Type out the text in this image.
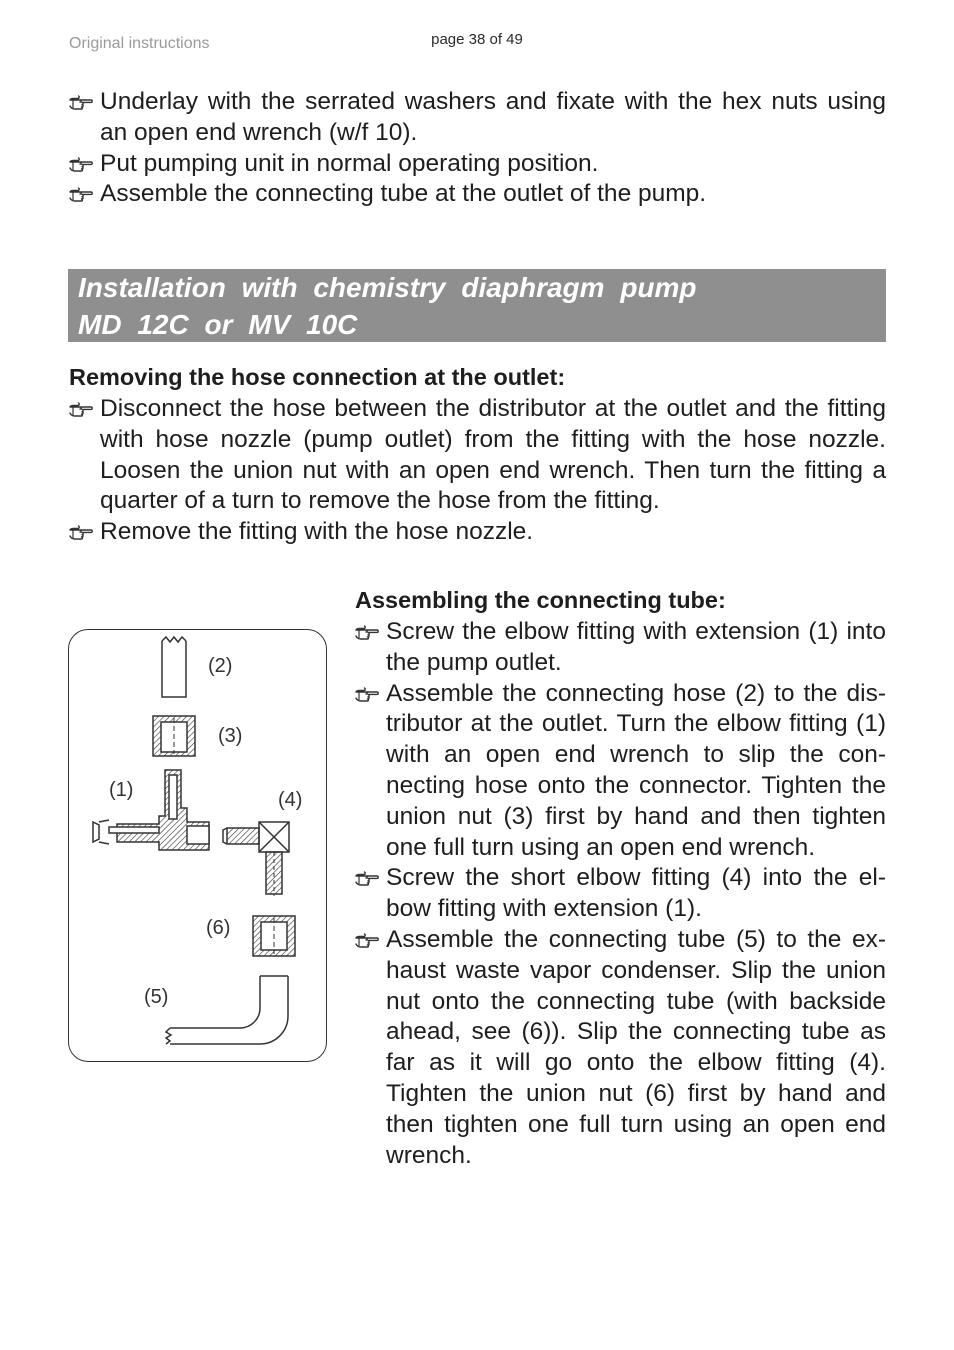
Original instructions	page 38 of 49
Underlay with the serrated washers and fixate with the hex nuts using an open end wrench (w/f 10).
Put pumping unit in normal operating position.
Assemble the connecting tube at the outlet of the pump.
Installation with chemistry diaphragm pump
MD 12C or MV 10C
Removing the hose connection at the outlet:
Disconnect the hose between the distributor at the outlet and the fitting with hose nozzle (pump outlet) from the fitting with the hose nozzle. Loosen the union nut with an open end wrench. Then turn the fitting a quarter of a turn to remove the hose from the fitting.
Remove the fitting with the hose nozzle.
Assembling the connecting tube:
Screw the elbow fitting with extension (1) into the pump outlet.
Assemble the connecting hose (2) to the dis-tributor at the outlet. Turn the elbow fitting (1) with an open end wrench to slip the con-necting hose onto the connector. Tighten the union nut (3) first by hand and then tighten one full turn using an open end wrench.
Screw the short elbow fitting (4) into the el-bow fitting with extension (1).
Assemble the connecting tube (5) to the ex-haust waste vapor condenser. Slip the union nut onto the connecting tube (with backside ahead, see (6)). Slip the connecting tube as far as it will go onto the elbow fitting (4). Tighten the union nut (6) first by hand and then tighten one full turn using an open end wrench.
(2)
(3)
(1)	(4)
(6)
(5)
